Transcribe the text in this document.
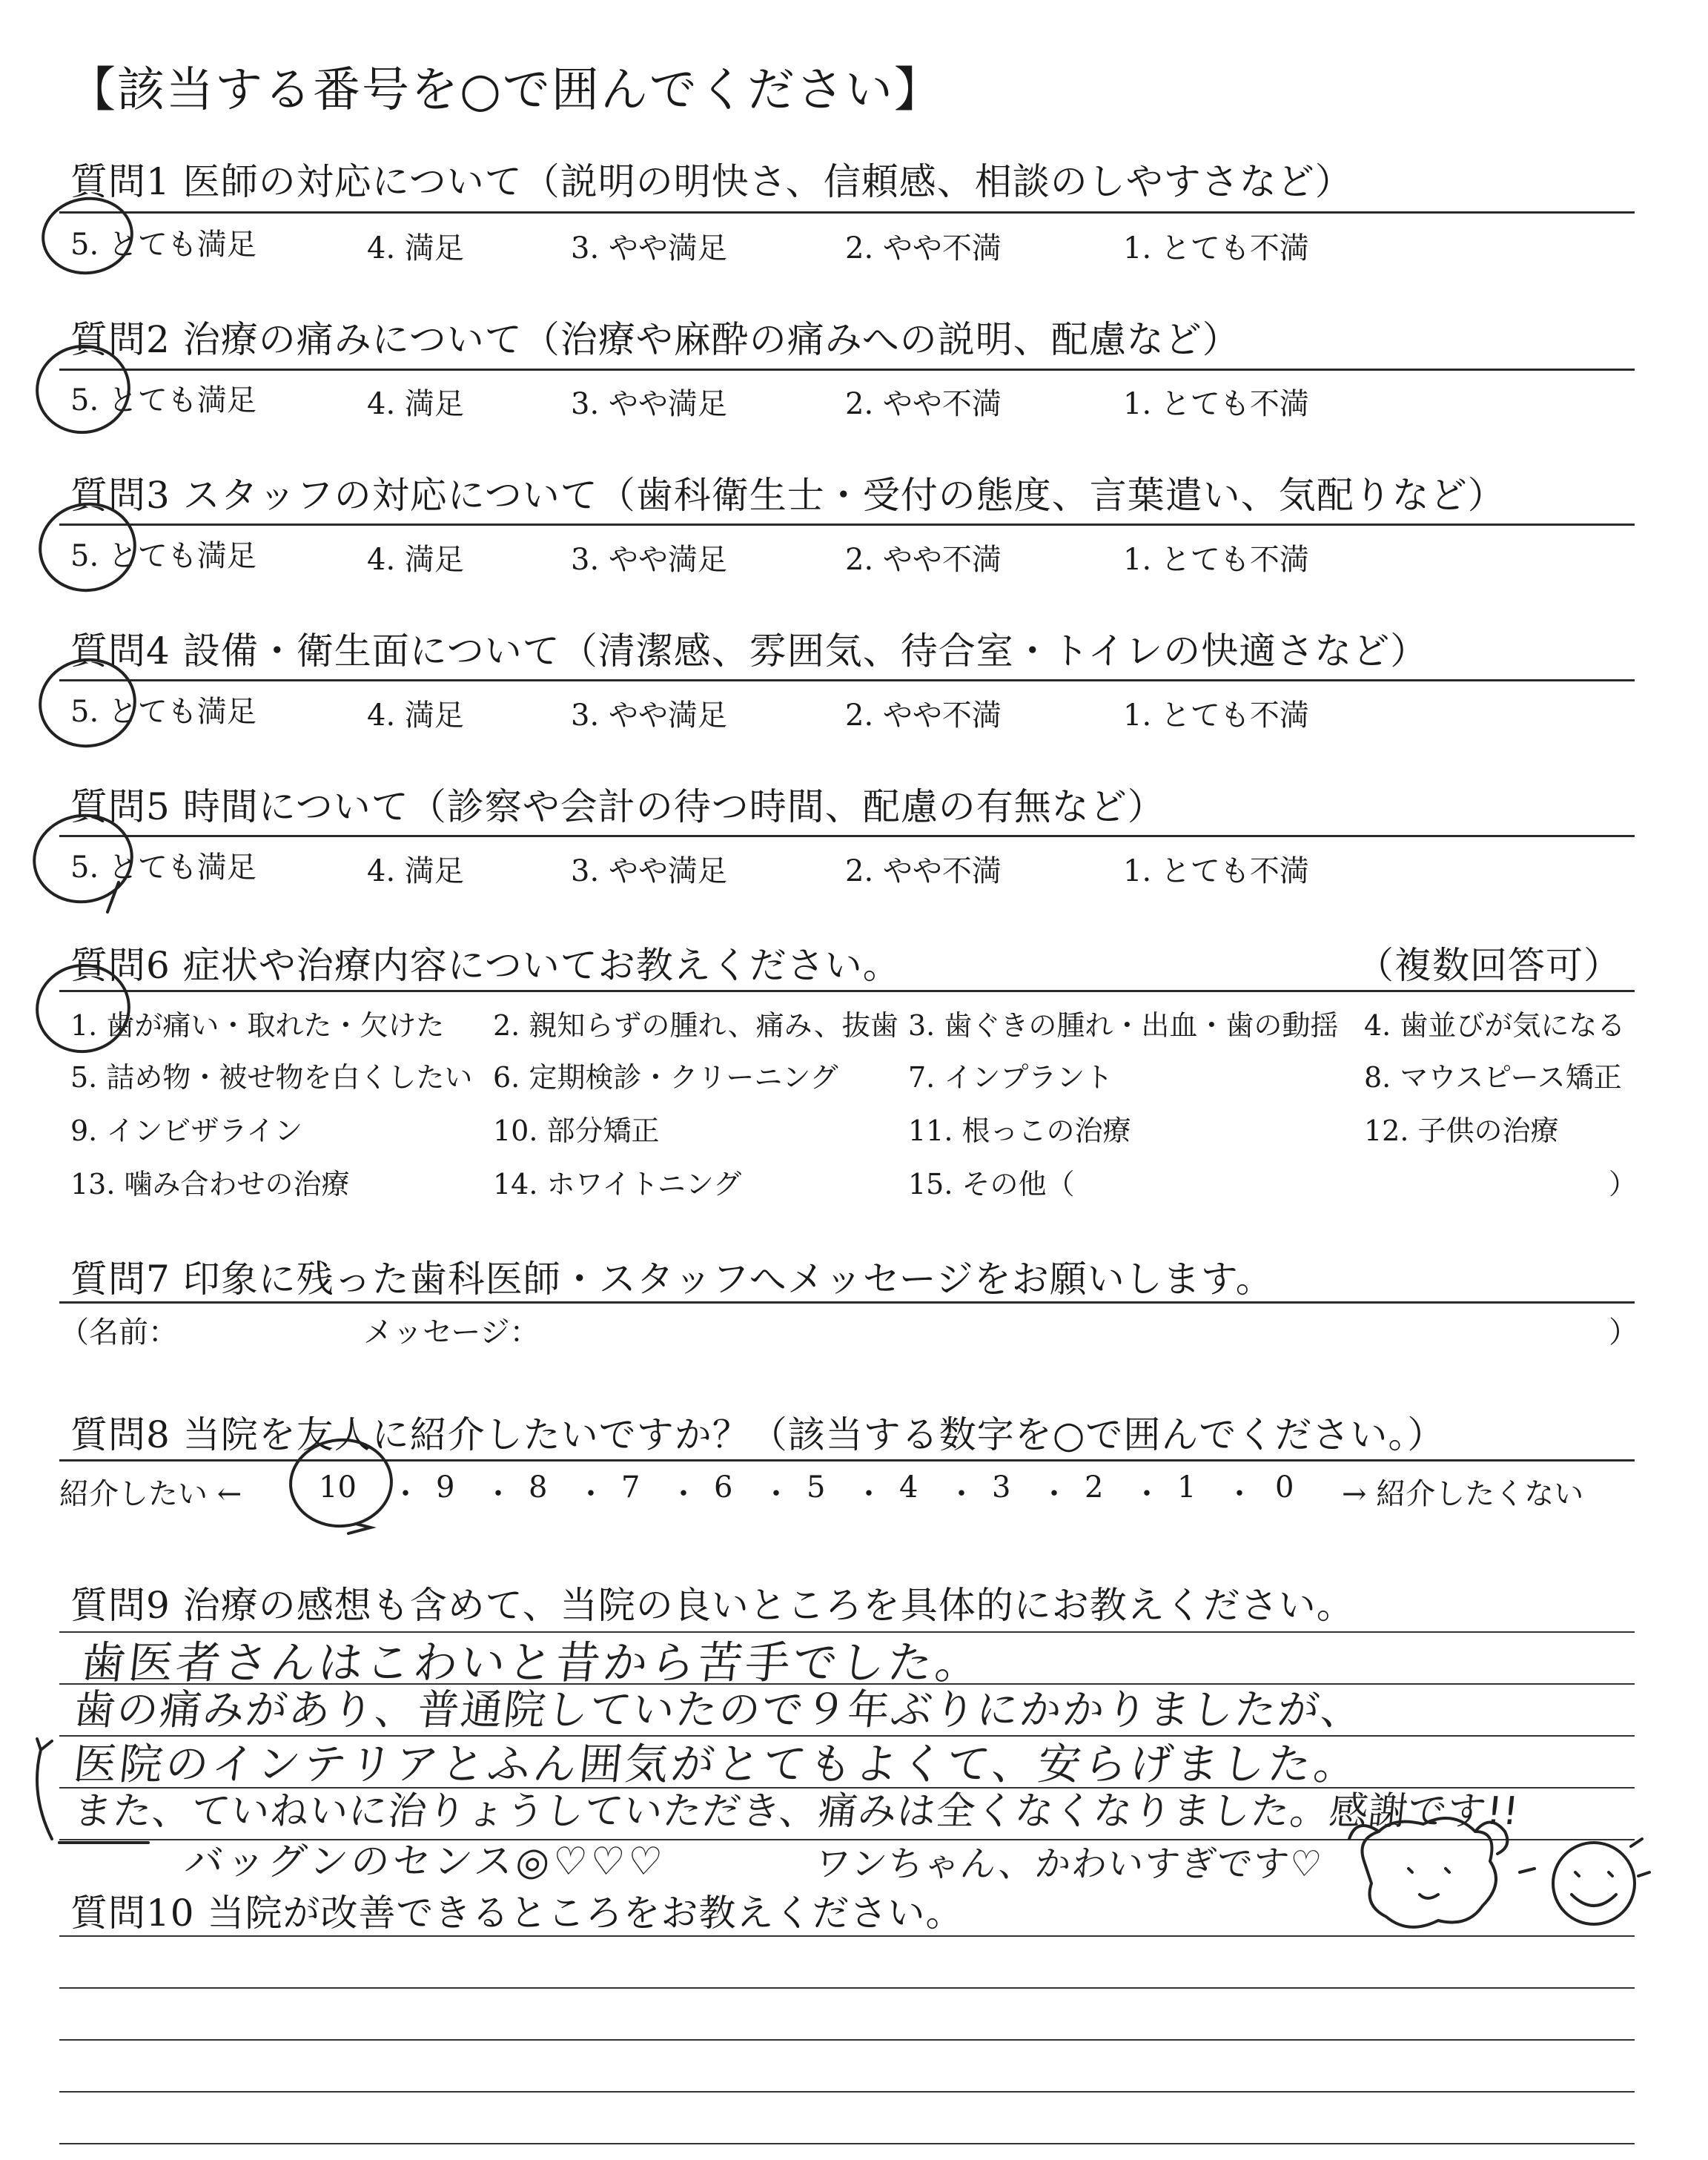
【該当する番号を○で囲んでください】
質問1 医師の対応について（説明の明快さ、信頼感、相談のしやすさなど）
5. とても満足	4. 満足	3. やや満足	2. やや不満	1. とても不満
質問2 治療の痛みについて（治療や麻酔の痛みへの説明、配慮など）
5. とても満足	4. 満足	3. やや満足	2. やや不満	1. とても不満
質問3 スタッフの対応について（歯科衛生士・受付の態度、言葉遣い、気配りなど）
5. とても満足	4. 満足	3. やや満足	2. やや不満	1. とても不満
質問4 設備・衛生面について（清潔感、雰囲気、待合室・トイレの快適さなど）
5. とても満足	4. 満足	3. やや満足	2. やや不満	1. とても不満
質問5 時間について（診察や会計の待つ時間、配慮の有無など）
5. とても満足	4. 満足	3. やや満足	2. やや不満	1. とても不満
質問6 症状や治療内容についてお教えください。	（複数回答可）
1. 歯が痛い・取れた・欠けた 2. 親知らずの腫れ、痛み、抜歯 3. 歯ぐきの腫れ・出血・歯の動揺 4. 歯並びが気になる
5. 詰め物・被せ物を白くしたい 6. 定期検診・クリーニング 7. インプラント	8. マウスピース矯正
9. インビザライン	10. 部分矯正	11. 根っこの治療	12. 子供の治療
13. 噛み合わせの治療	14. ホワイトニング	15. その他（	）
質問7 印象に残った歯科医師・スタッフへメッセージをお願いします。
（名前：	メッセージ：	）
質問8 当院を友人に紹介したいですか？（該当する数字を○で囲んでください。）
紹介したい ←	→ 紹介したくない
10 ・ 9 ・ 8 ・ 7 ・ 6 ・ 5 ・ 4 ・ 3 ・ 2 ・ 1 ・ 0
質問9 治療の感想も含めて、当院の良いところを具体的にお教えください。
歯医者さんはこわいと昔から苦手でした。
歯の痛みがあり、普通院していたので９年ぶりにかかりましたが、
医院のインテリアとふん囲気がとてもよくて、安らげました。
また、ていねいに治りょうしていただき、痛みは全くなくなりました。感謝です!!
バッグンのセンス◎♡♡♡	ワンちゃん、かわいすぎです♡
質問10 当院が改善できるところをお教えください。
